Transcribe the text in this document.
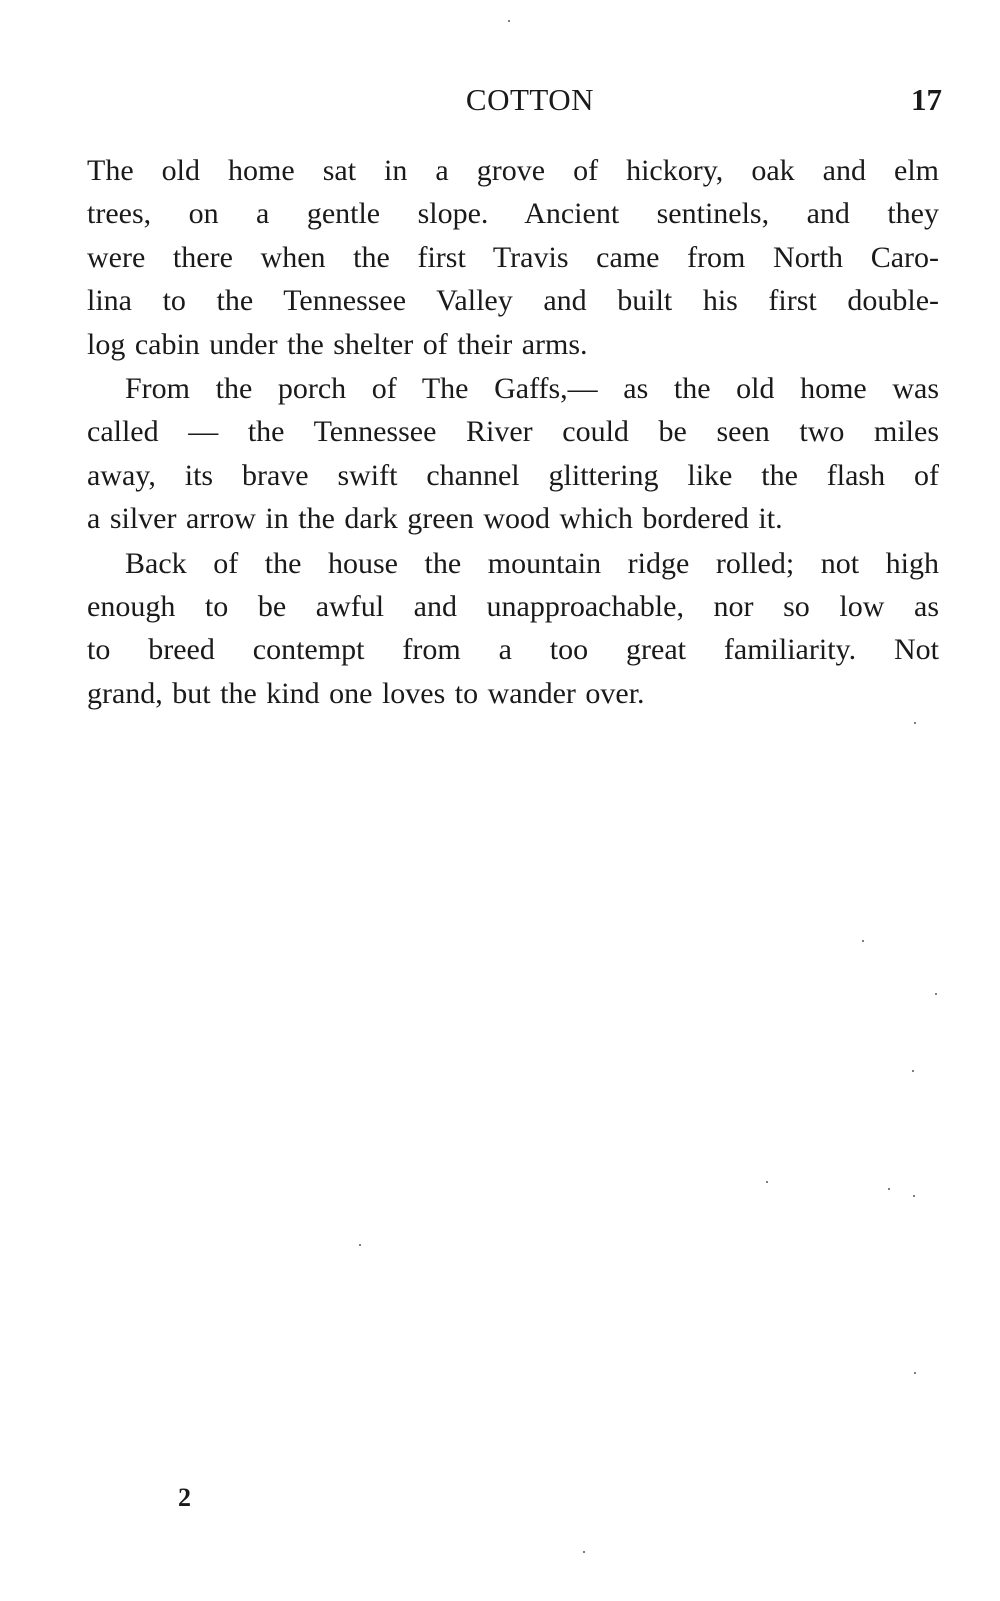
COTTON	17

The old home sat in a grove of hickory, oak and elm
trees, on a gentle slope. Ancient sentinels, and they
were there when the first Travis came from North Caro-
lina to the Tennessee Valley and built his first double-
log cabin under the shelter of their arms.

From the porch of The Gaffs,— as the old home was
called — the Tennessee River could be seen two miles
away, its brave swift channel glittering like the flash of
a silver arrow in the dark green wood which bordered it.

Back of the house the mountain ridge rolled; not high
enough to be awful and unapproachable, nor so low as
to breed contempt from a too great familiarity. Not
grand, but the kind one loves to wander over.

2
